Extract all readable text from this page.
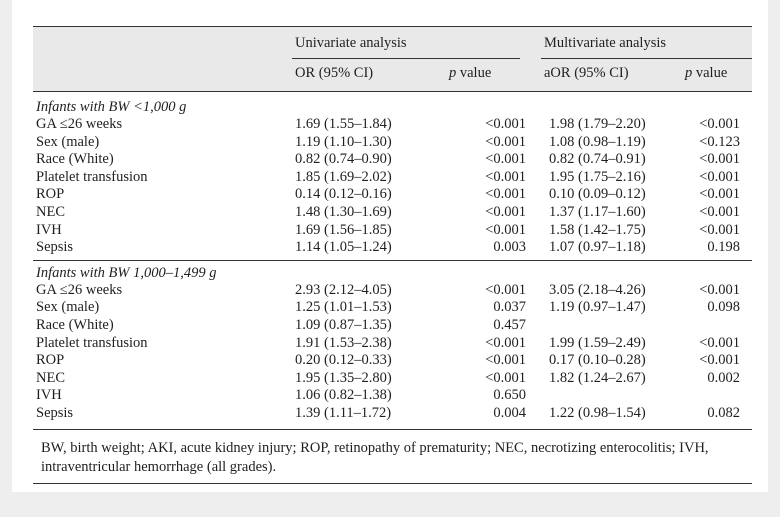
Univariate analysis	Multivariate analysis
OR (95% CI)	p value	aOR (95% CI)	p value
Infants with BW <1,000 g
GA ≤26 weeks	1.69 (1.55–1.84)	<0.001	1.98 (1.79–2.20)	<0.001
Sex (male)	1.19 (1.10–1.30)	<0.001	1.08 (0.98–1.19)	<0.123
Race (White)	0.82 (0.74–0.90)	<0.001	0.82 (0.74–0.91)	<0.001
Platelet transfusion	1.85 (1.69–2.02)	<0.001	1.95 (1.75–2.16)	<0.001
ROP	0.14 (0.12–0.16)	<0.001	0.10 (0.09–0.12)	<0.001
NEC	1.48 (1.30–1.69)	<0.001	1.37 (1.17–1.60)	<0.001
IVH	1.69 (1.56–1.85)	<0.001	1.58 (1.42–1.75)	<0.001
Sepsis	1.14 (1.05–1.24)	0.003	1.07 (0.97–1.18)	0.198
Infants with BW 1,000–1,499 g
GA ≤26 weeks	2.93 (2.12–4.05)	<0.001	3.05 (2.18–4.26)	<0.001
Sex (male)	1.25 (1.01–1.53)	0.037	1.19 (0.97–1.47)	0.098
Race (White)	1.09 (0.87–1.35)	0.457		
Platelet transfusion	1.91 (1.53–2.38)	<0.001	1.99 (1.59–2.49)	<0.001
ROP	0.20 (0.12–0.33)	<0.001	0.17 (0.10–0.28)	<0.001
NEC	1.95 (1.35–2.80)	<0.001	1.82 (1.24–2.67)	0.002
IVH	1.06 (0.82–1.38)	0.650		
Sepsis	1.39 (1.11–1.72)	0.004	1.22 (0.98–1.54)	0.082
BW, birth weight; AKI, acute kidney injury; ROP, retinopathy of prematurity; NEC, necrotizing enterocolitis; IVH, intraventricular hemorrhage (all grades).
